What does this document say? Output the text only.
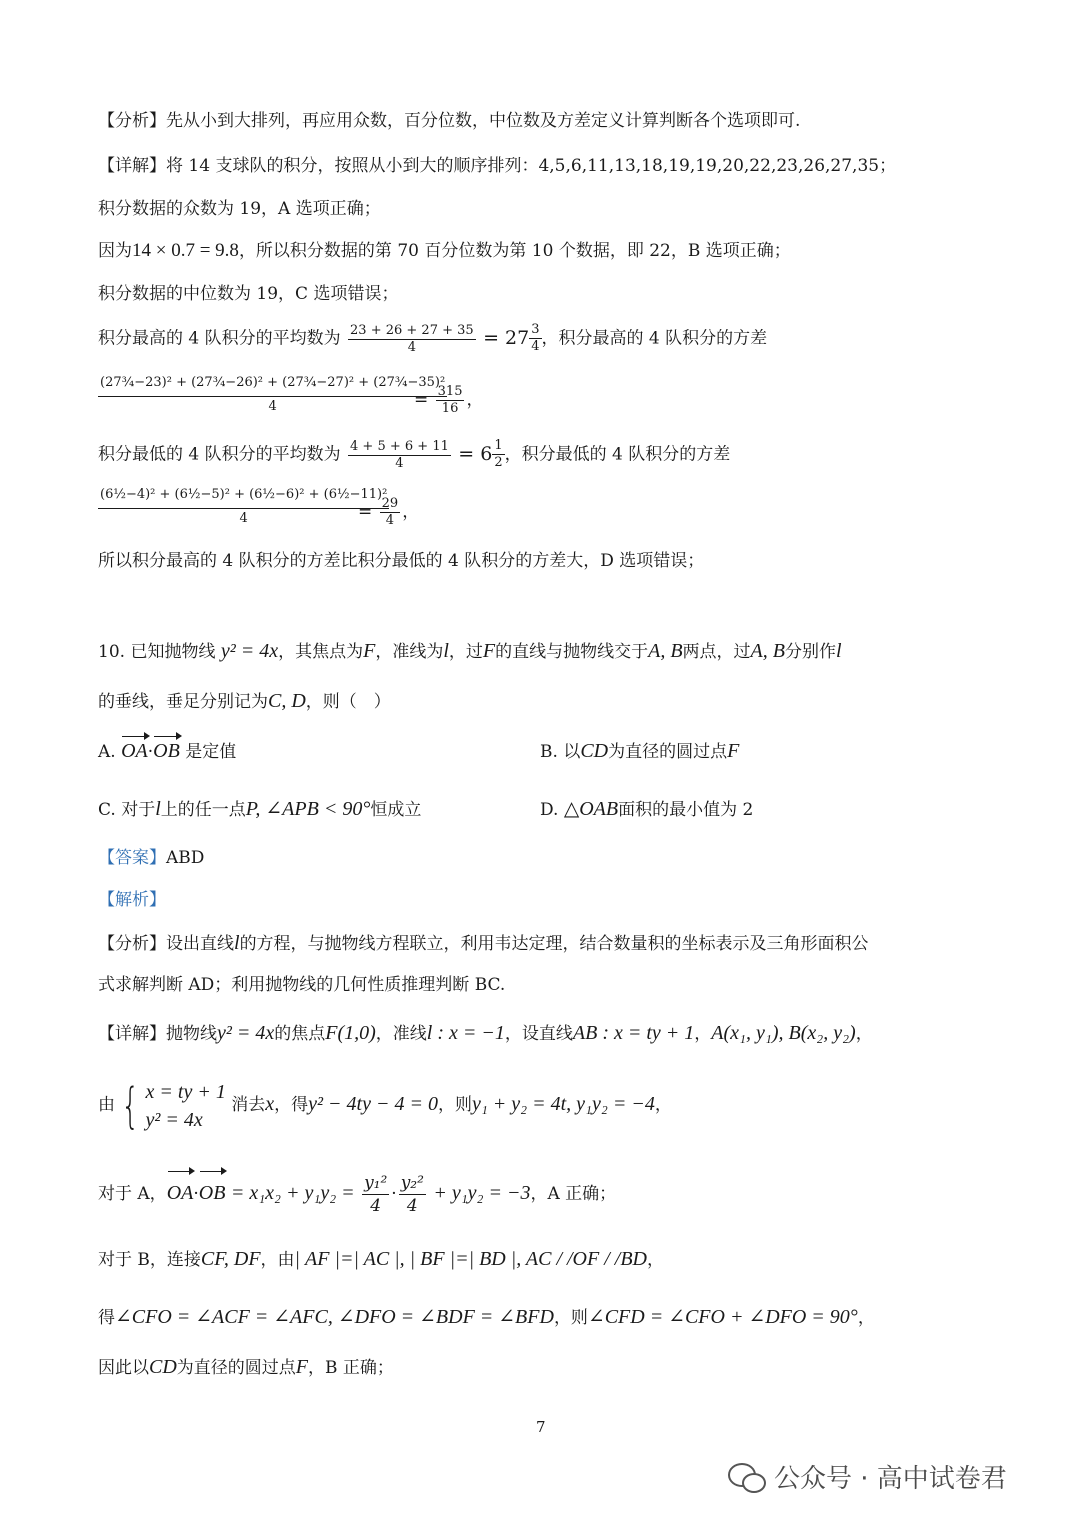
【分析】先从小到大排列，再应用众数，百分位数，中位数及方差定义计算判断各个选项即可.
【详解】将 14 支球队的积分，按照从小到大的顺序排列：4,5,6,11,13,18,19,19,20,22,23,26,27,35；
积分数据的众数为 19，A 选项正确；
因为14 × 0.7 = 9.8，所以积分数据的第 70 百分位数为第 10 个数据，即 22，B 选项正确；
积分数据的中位数为 19，C 选项错误；
积分最高的 4 队积分的平均数为 $\frac{23 + 26 + 27 + 35}{4} = 27 \frac{3}{4}$ ，积分最高的 4 队积分的方差
$\frac{\text{(27¾−23)² + (27¾−26)² + (27¾−27)² + (27¾−35)²}}{4}$
= $\frac{315}{16}$ ，
积分最低的 4 队积分的平均数为 $\frac{4 + 5 + 6 + 11}{4} = 6 \frac{1}{2}$ ，积分最低的 4 队积分的方差
$\frac{\text{(6½−4)² + (6½−5)² + (6½−6)² + (6½−11)²}}{4}$
= $\frac{29}{4}$ ，
所以积分最高的 4 队积分的方差比积分最低的 4 队积分的方差大，D 选项错误；
10. 已知抛物线 y² = 4x，其焦点为F，准线为l，过F的直线与抛物线交于A, B两点，过A, B分别作l
的垂线，垂足分别记为C, D，则（　）
A. OA·OB 是定值	B. 以CD为直径的圆过点F
C. 对于l上的任一点P, ∠APB < 90°恒成立	D. △OAB面积的最小值为 2
【答案】ABD
【解析】
【分析】设出直线l的方程，与抛物线方程联立，利用韦达定理，结合数量积的坐标表示及三角形面积公
式求解判断 AD；利用抛物线的几何性质推理判断 BC.
【详解】抛物线y² = 4x的焦点F(1,0)，准线l : x = −1，设直线AB : x = ty + 1，A(x₁, y₁), B(x₂, y₂)，
由 { x = ty + 1
y² = 4x
消去x，得y² − 4ty − 4 = 0，则y₁ + y₂ = 4t, y₁y₂ = −4，
对于 A，$OA\cdot OB = x_1x_2 + y_1y_2 = \frac{\text{y₁²}}{4} \cdot \frac{\text{y₂²}}{4} + y_1y_2 = -3$，A 正确；
对于 B，连接CF, DF，由| AF |=| AC |, | BF |=| BD |, AC / /OF / /BD，
得∠CFO = ∠ACF = ∠AFC, ∠DFO = ∠BDF = ∠BFD，则∠CFD = ∠CFO + ∠DFO = 90°，
因此以CD为直径的圆过点F，B 正确；
7
公众号 · 高中试卷君
